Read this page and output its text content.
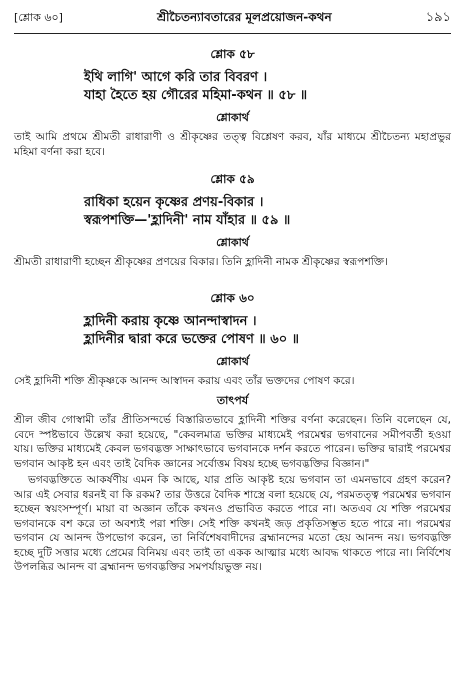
[শ্লোক ৬০]	শ্রীচৈতন্যাবতারের মূলপ্রয়োজন-কথন	১৯১
শ্লোক ৫৮
ইথি লাগি' আগে করি তার বিবরণ ।
যাহা হৈতে হয় গৌরের মহিমা-কথন ॥ ৫৮ ॥
শ্লোকার্থ

তাই আমি প্রথমে শ্রীমতী রাধারাণী ও শ্রীকৃষ্ণের তত্ত্ব বিশ্লেষণ করব, যাঁর মাধ্যমে শ্রীচৈতন্য মহাপ্রভুর মহিমা বর্ণনা করা হবে।

শ্লোক ৫৯
রাধিকা হয়েন কৃষ্ণের প্রণয়-বিকার ।
স্বরূপশক্তি—'হ্লাদিনী' নাম যাঁহার ॥ ৫৯ ॥
শ্লোকার্থ

শ্রীমতী রাধারাণী হচ্ছেন শ্রীকৃষ্ণের প্রণয়ের বিকার। তিনি হ্লাদিনী নামক শ্রীকৃষ্ণের স্বরূপশক্তি।

শ্লোক ৬০
হ্লাদিনী করায় কৃষ্ণে আনন্দাস্বাদন ।
হ্লাদিনীর দ্বারা করে ভক্তের পোষণ ॥ ৬০ ॥
শ্লোকার্থ

সেই হ্লাদিনী শক্তি শ্রীকৃষ্ণকে আনন্দ আস্বাদন করায় এবং তাঁর ভক্তদের পোষণ করে।

তাৎপর্য

শ্রীল জীব গোস্বামী তাঁর প্রীতিসন্দর্ভে বিস্তারিতভাবে হ্লাদিনী শক্তির বর্ণনা করেছেন। তিনি বলেছেন যে, বেদে স্পষ্টভাবে উল্লেখ করা হয়েছে, "কেবলমাত্র ভক্তির মাধ্যমেই পরমেশ্বর ভগবানের সমীপবর্তী হওয়া যায়। ভক্তির মাধ্যমেই কেবল ভগবদ্ভক্ত সাক্ষাৎভাবে ভগবানকে দর্শন করতে পারেন। ভক্তির দ্বারাই পরমেশ্বর ভগবান আকৃষ্ট হন এবং তাই বৈদিক জ্ঞানের সর্বোত্তম বিষয় হচ্ছে ভগবদ্ভক্তির বিজ্ঞান।"

ভগবদ্ভক্তিতে আকর্ষণীয় এমন কি আছে, যার প্রতি আকৃষ্ট হয়ে ভগবান তা এমনভাবে গ্রহণ করেন? আর এই সেবার ধরনই বা কি রকম? তার উত্তরে বৈদিক শাস্ত্রে বলা হয়েছে যে, পরমতত্ত্ব পরমেশ্বর ভগবান হচ্ছেন স্বয়ংসম্পূর্ণ। মায়া বা অজ্ঞান তাঁকে কখনও প্রভাবিত করতে পারে না। অতএব যে শক্তি পরমেশ্বর ভগবানকে বশ করে তা অবশ্যই পরা শক্তি। সেই শক্তি কখনই জড় প্রকৃতিসম্ভূত হতে পারে না। পরমেশ্বর ভগবান যে আনন্দ উপভোগ করেন, তা নির্বিশেষবাদীদের ব্রহ্মানন্দের মতো হেয় আনন্দ নয়। ভগবদ্ভক্তি হচ্ছে দুটি সত্তার মধ্যে প্রেমের বিনিময় এবং তাই তা একক আত্মার মধ্যে আবদ্ধ থাকতে পারে না। নির্বিশেষ উপলব্ধির আনন্দ বা ব্রহ্মানন্দ ভগবদ্ভক্তির সমপর্যায়ভুক্ত নয়।
